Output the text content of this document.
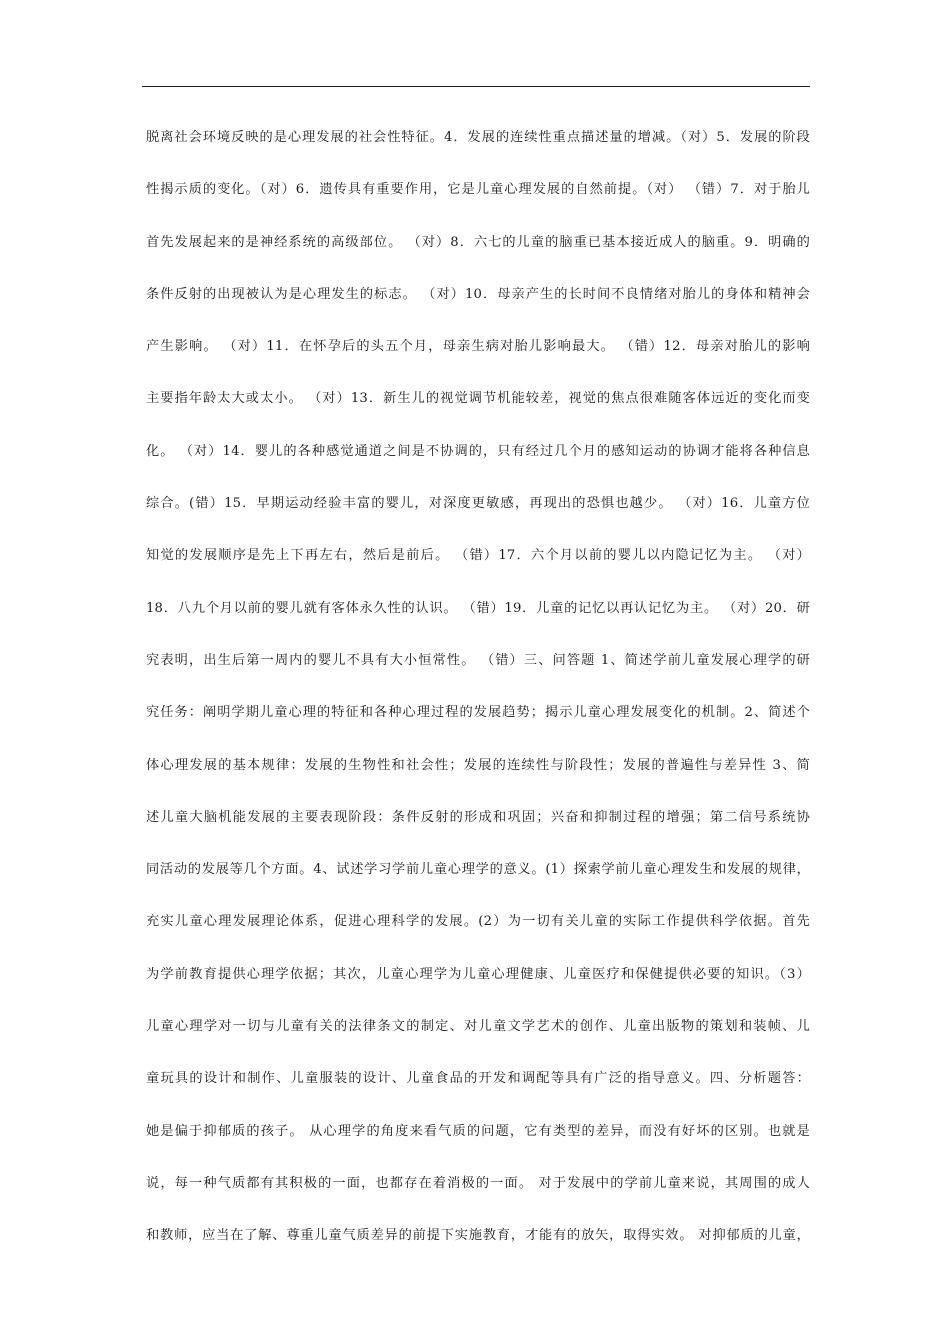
脱离社会环境反映的是心理发展的社会性特征。4．发展的连续性重点描述量的增减。（对）5．发展的阶段
性揭示质的变化。（对）6．遗传具有重要作用，它是儿童心理发展的自然前提。（对） （错）7．对于胎儿
首先发展起来的是神经系统的高级部位。 （对）8．六七的儿童的脑重已基本接近成人的脑重。9．明确的
条件反射的出现被认为是心理发生的标志。 （对）10．母亲产生的长时间不良情绪对胎儿的身体和精神会
产生影响。 （对）11．在怀孕后的头五个月，母亲生病对胎儿影响最大。 （错）12．母亲对胎儿的影响
主要指年龄太大或太小。 （对）13．新生儿的视觉调节机能较差，视觉的焦点很难随客体远近的变化而变
化。 （对）14．婴儿的各种感觉通道之间是不协调的，只有经过几个月的感知运动的协调才能将各种信息
综合。(错）15．早期运动经验丰富的婴儿，对深度更敏感，再现出的恐惧也越少。 （对）16．儿童方位
知觉的发展顺序是先上下再左右，然后是前后。 （错）17．六个月以前的婴儿以内隐记忆为主。 （对）
18．八九个月以前的婴儿就有客体永久性的认识。 （错）19．儿童的记忆以再认记忆为主。 （对）20．研
究表明，出生后第一周内的婴儿不具有大小恒常性。 （错）三、问答题 1、简述学前儿童发展心理学的研
究任务：阐明学期儿童心理的特征和各种心理过程的发展趋势；揭示儿童心理发展变化的机制。2、简述个
体心理发展的基本规律：发展的生物性和社会性；发展的连续性与阶段性；发展的普遍性与差异性 3、简
述儿童大脑机能发展的主要表现阶段：条件反射的形成和巩固；兴奋和抑制过程的增强；第二信号系统协
同活动的发展等几个方面。4、试述学习学前儿童心理学的意义。(1）探索学前儿童心理发生和发展的规律，
充实儿童心理发展理论体系，促进心理科学的发展。(2）为一切有关儿童的实际工作提供科学依据。首先
为学前教育提供心理学依据；其次，儿童心理学为儿童心理健康、儿童医疗和保健提供必要的知识。（3）
儿童心理学对一切与儿童有关的法律条文的制定、对儿童文学艺术的创作、儿童出版物的策划和装帧、儿
童玩具的设计和制作、儿童服装的设计、儿童食品的开发和调配等具有广泛的指导意义。四、分析题答：
她是偏于抑郁质的孩子。 从心理学的角度来看气质的问题，它有类型的差异，而没有好坏的区别。也就是
说，每一种气质都有其积极的一面，也都存在着消极的一面。 对于发展中的学前儿童来说，其周围的成人
和教师，应当在了解、尊重儿童气质差异的前提下实施教育，才能有的放矢，取得实效。 对抑郁质的儿童，
